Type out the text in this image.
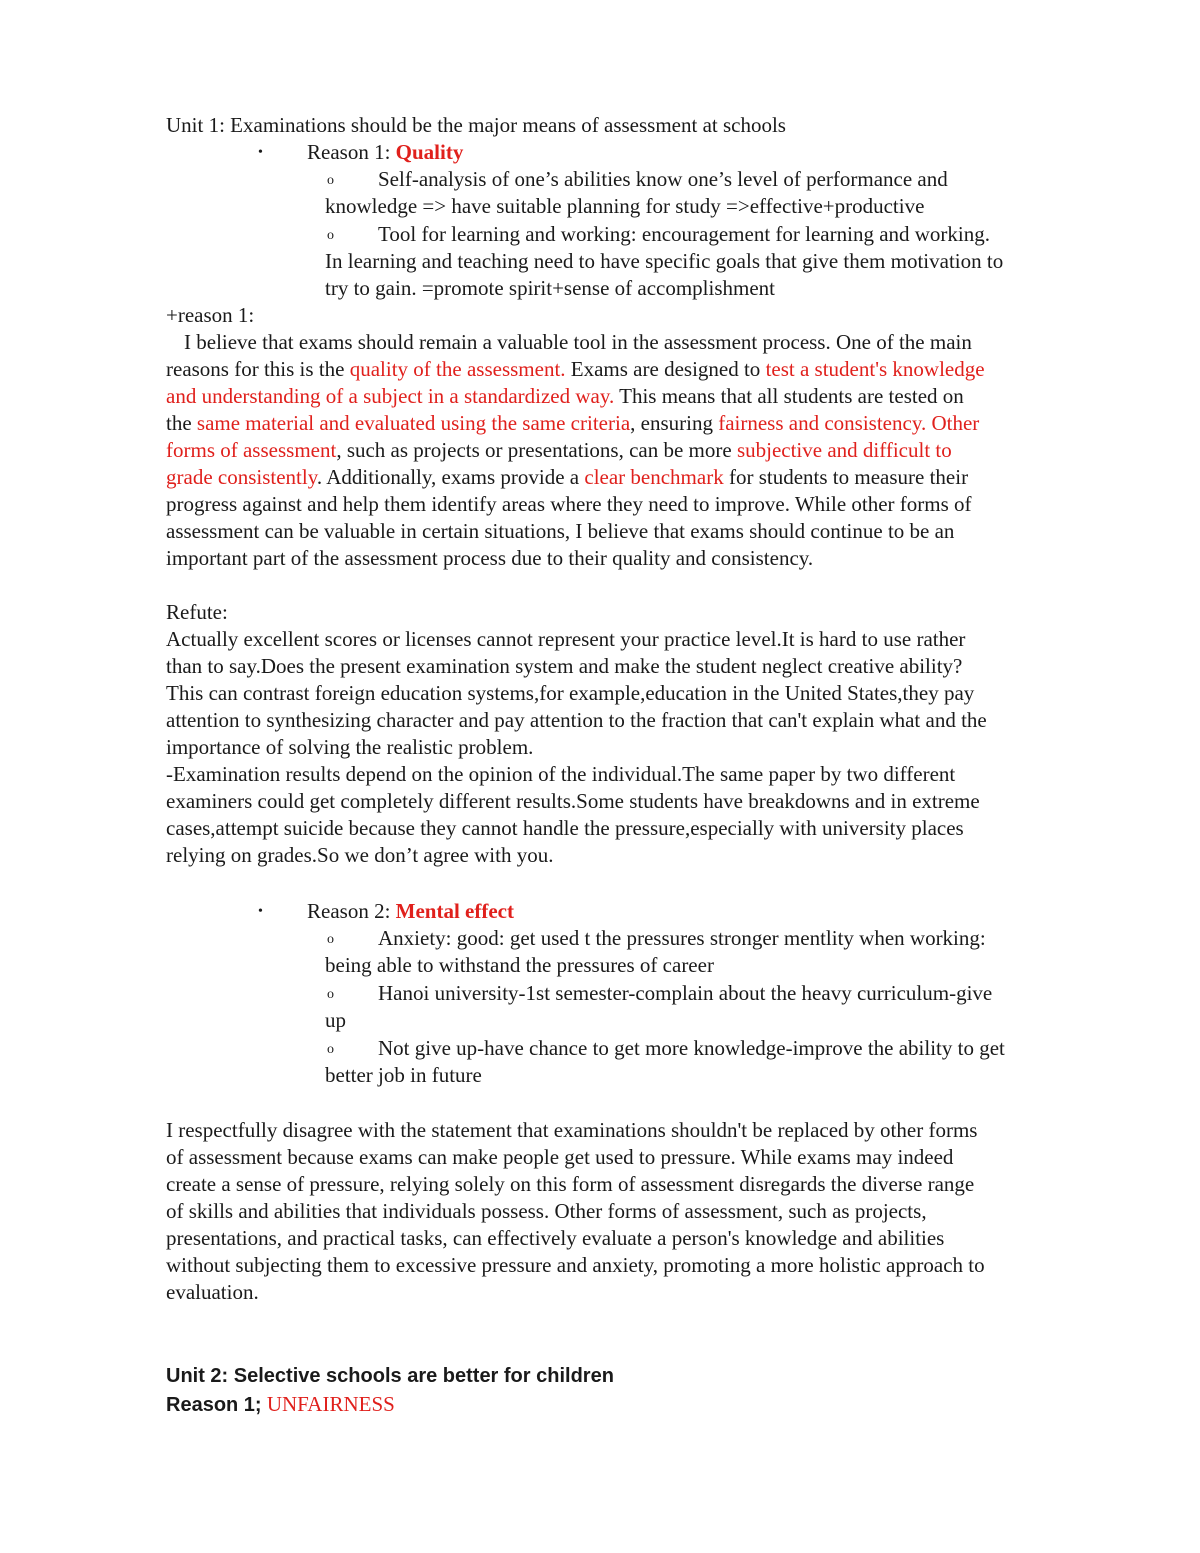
Unit 1: Examinations should be the major means of assessment at schools
• Reason 1: Quality
o Self-analysis of one’s abilities know one’s level of performance and
knowledge => have suitable planning for study =>effective+productive
o Tool for learning and working: encouragement for learning and working.
In learning and teaching need to have specific goals that give them motivation to
try to gain. =promote spirit+sense of accomplishment
+reason 1:
I believe that exams should remain a valuable tool in the assessment process. One of the main
reasons for this is the quality of the assessment. Exams are designed to test a student's knowledge
and understanding of a subject in a standardized way. This means that all students are tested on
the same material and evaluated using the same criteria, ensuring fairness and consistency. Other
forms of assessment, such as projects or presentations, can be more subjective and difficult to
grade consistently. Additionally, exams provide a clear benchmark for students to measure their
progress against and help them identify areas where they need to improve. While other forms of
assessment can be valuable in certain situations, I believe that exams should continue to be an
important part of the assessment process due to their quality and consistency.
Refute:
Actually excellent scores or licenses cannot represent your practice level.It is hard to use rather
than to say.Does the present examination system and make the student neglect creative ability?
This can contrast foreign education systems,for example,education in the United States,they pay
attention to synthesizing character and pay attention to the fraction that can't explain what and the
importance of solving the realistic problem.
-Examination results depend on the opinion of the individual.The same paper by two different
examiners could get completely different results.Some students have breakdowns and in extreme
cases,attempt suicide because they cannot handle the pressure,especially with university places
relying on grades.So we don’t agree with you.
• Reason 2: Mental effect
o Anxiety: good: get used t the pressures stronger mentlity when working:
being able to withstand the pressures of career
o Hanoi university-1st semester-complain about the heavy curriculum-give
up
o Not give up-have chance to get more knowledge-improve the ability to get
better job in future
I respectfully disagree with the statement that examinations shouldn't be replaced by other forms
of assessment because exams can make people get used to pressure. While exams may indeed
create a sense of pressure, relying solely on this form of assessment disregards the diverse range
of skills and abilities that individuals possess. Other forms of assessment, such as projects,
presentations, and practical tasks, can effectively evaluate a person's knowledge and abilities
without subjecting them to excessive pressure and anxiety, promoting a more holistic approach to
evaluation.
Unit 2: Selective schools are better for children
Reason 1; UNFAIRNESS
